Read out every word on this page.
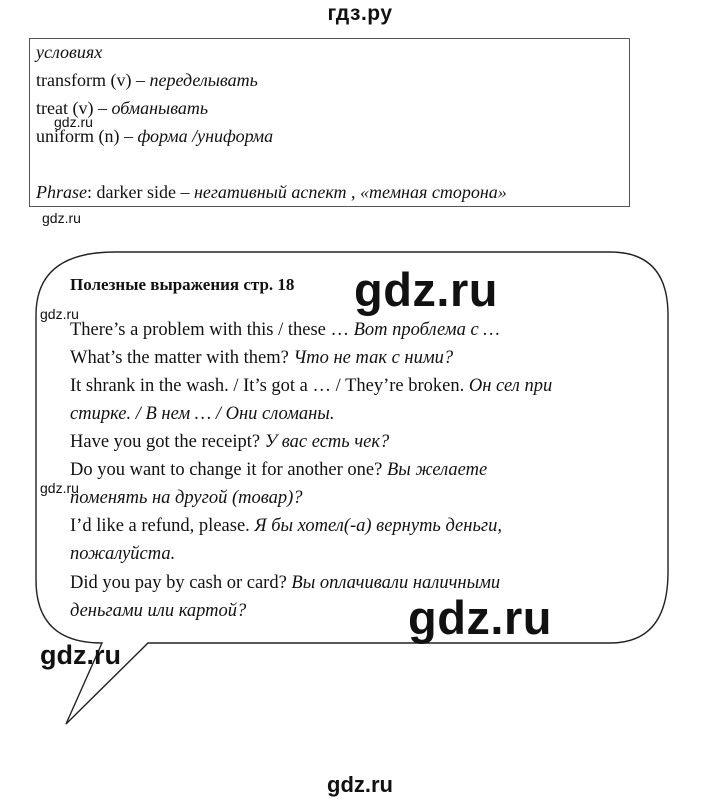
гдз.ру
условиях
transform (v) – переделывать
treat (v) – обманывать
uniform (n) – форма /униформа
Phrase: darker side – негативный аспект , «темная сторона»
gdz.ru
gdz.ru
gdz.ru
gdz.ru
Полезные выражения стр. 18
There’s a problem with this / these … Вот проблема с …
What’s the matter with them? Что не так с ними?
It shrank in the wash. / It’s got a … / They’re broken. Он сел при
стирке. / В нем … / Они сломаны.
Have you got the receipt? У вас есть чек?
Do you want to change it for another one? Вы желаете
поменять на другой (товар)?
I’d like a refund, please. Я бы хотел(-а) вернуть деньги,
пожалуйста.
Did you pay by cash or card? Вы оплачивали наличными
деньгами или картой?
gdz.ru
gdz.ru
gdz.ru
gdz.ru
